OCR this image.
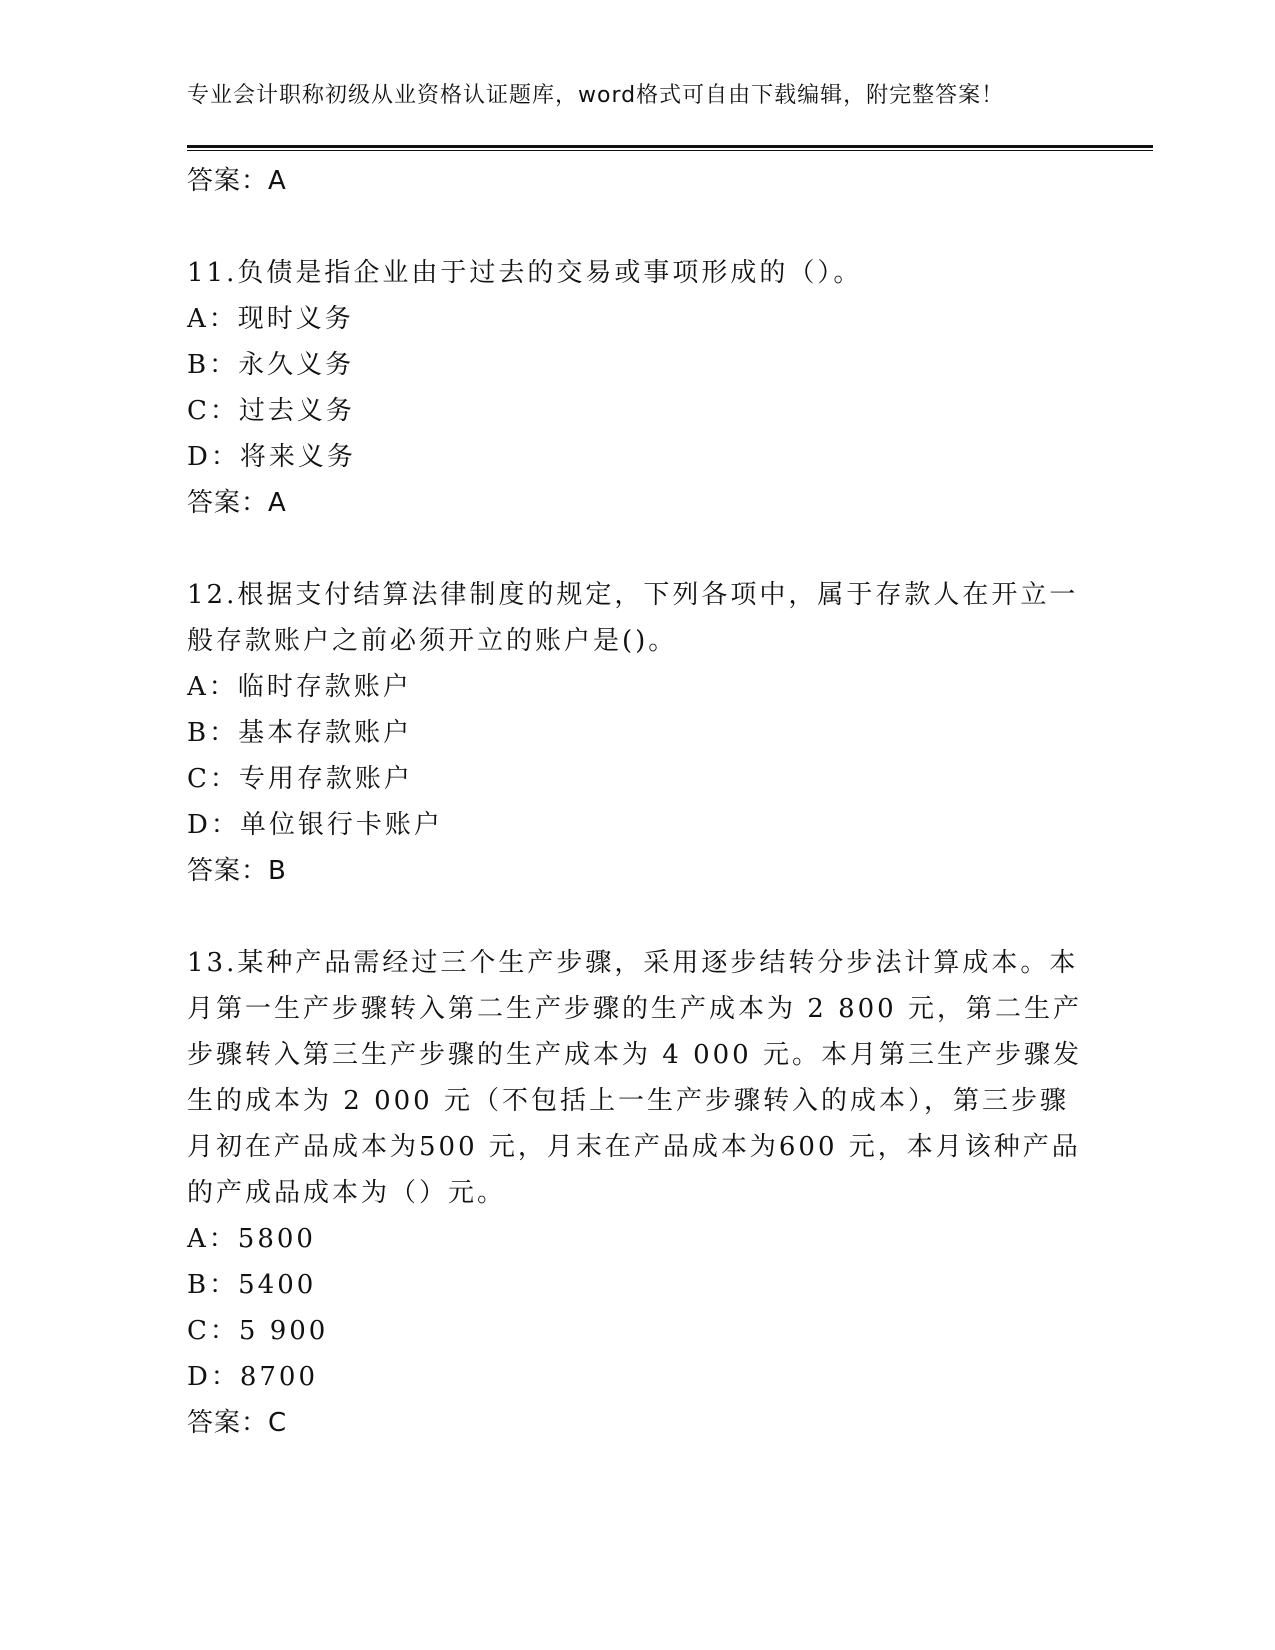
专业会计职称初级从业资格认证题库，word格式可自由下载编辑，附完整答案！
答案：A
11.负债是指企业由于过去的交易或事项形成的（）。
A：现时义务
B：永久义务
C：过去义务
D：将来义务
答案：A
12.根据支付结算法律制度的规定，下列各项中，属于存款人在开立一
般存款账户之前必须开立的账户是()。
A：临时存款账户
B：基本存款账户
C：专用存款账户
D：单位银行卡账户
答案：B
13.某种产品需经过三个生产步骤，采用逐步结转分步法计算成本。本
月第一生产步骤转入第二生产步骤的生产成本为 2 800 元，第二生产
步骤转入第三生产步骤的生产成本为 4 000 元。本月第三生产步骤发
生的成本为 2 000 元（不包括上一生产步骤转入的成本），第三步骤
月初在产品成本为500 元，月末在产品成本为600 元，本月该种产品
的产成品成本为（）元。
A：5800
B：5400
C：5 900
D：8700
答案：C
